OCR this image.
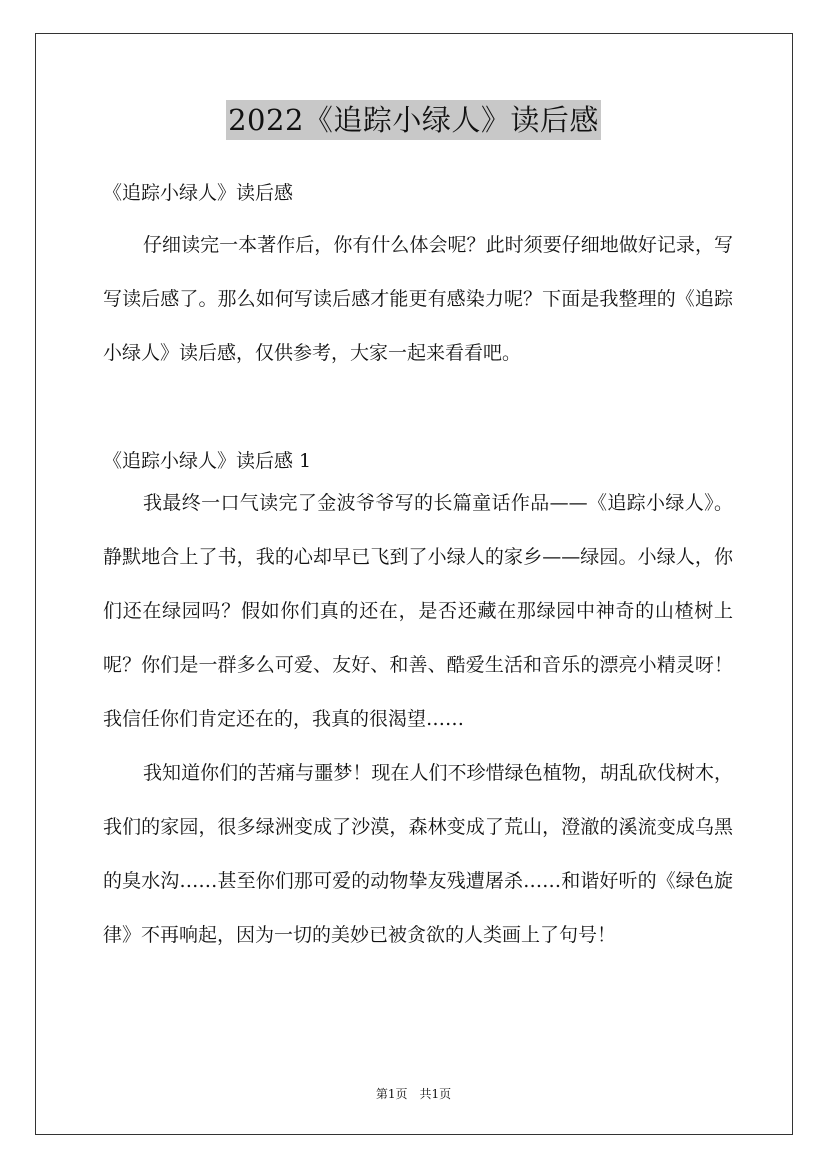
2022《追踪小绿人》读后感
《追踪小绿人》读后感

仔细读完一本著作后，你有什么体会呢？此时须要仔细地做好记录，写写读后感了。那么如何写读后感才能更有感染力呢？下面是我整理的《追踪小绿人》读后感，仅供参考，大家一起来看看吧。

《追踪小绿人》读后感 1

我最终一口气读完了金波爷爷写的长篇童话作品——《追踪小绿人》。静默地合上了书，我的心却早已飞到了小绿人的家乡——绿园。小绿人，你们还在绿园吗？假如你们真的还在，是否还藏在那绿园中神奇的山楂树上呢？你们是一群多么可爱、友好、和善、酷爱生活和音乐的漂亮小精灵呀！我信任你们肯定还在的，我真的很渴望……

我知道你们的苦痛与噩梦！现在人们不珍惜绿色植物，胡乱砍伐树木，我们的家园，很多绿洲变成了沙漠，森林变成了荒山，澄澈的溪流变成乌黑的臭水沟……甚至你们那可爱的动物挚友残遭屠杀……和谐好听的《绿色旋律》不再响起，因为一切的美妙已被贪欲的人类画上了句号！

第1页　共1页
